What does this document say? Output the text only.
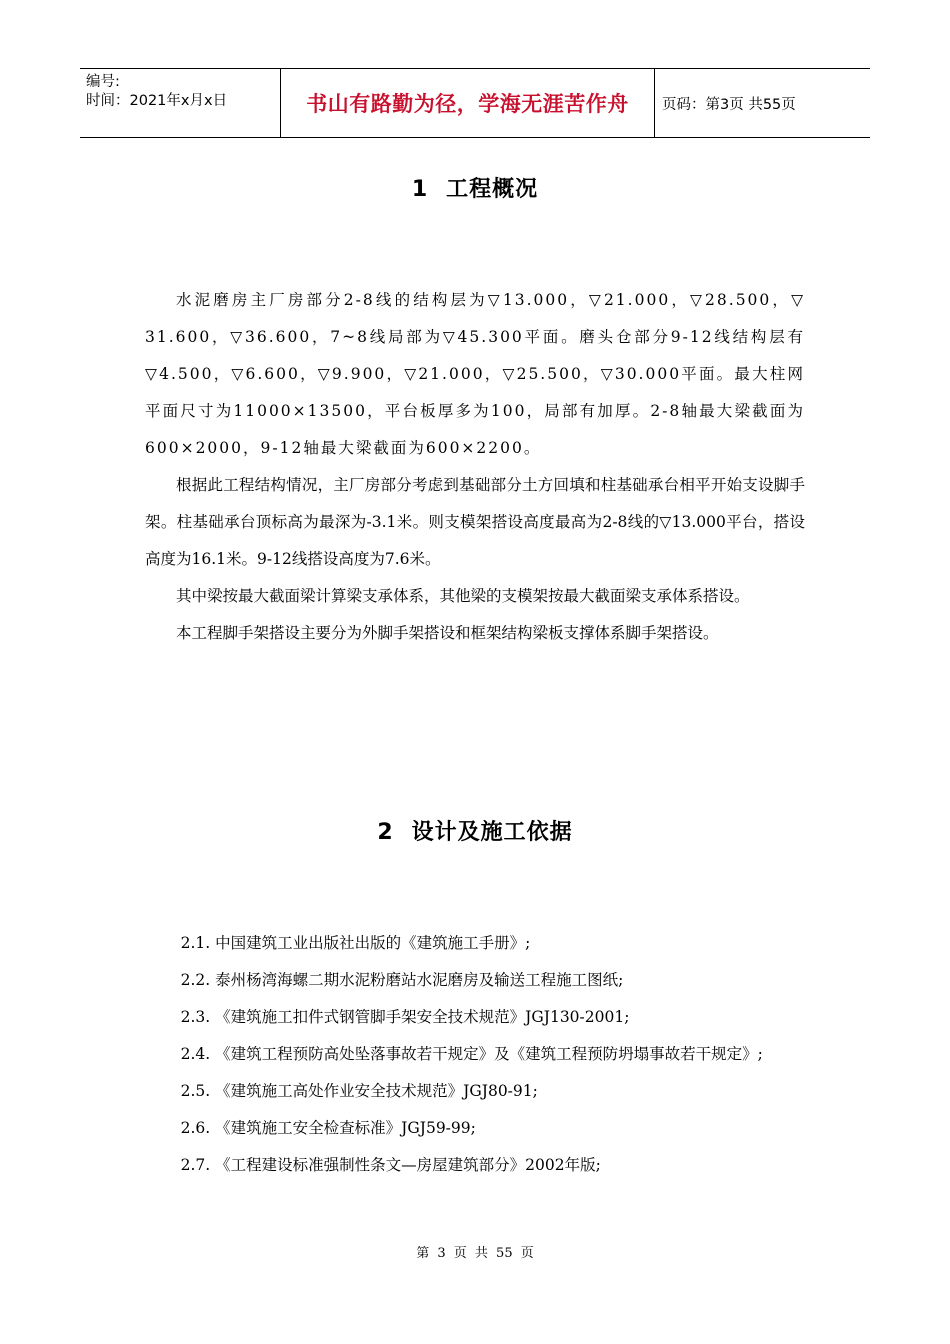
编号:
时间：2021年x月x日	书山有路勤为径，学海无涯苦作舟	页码：第3页 共55页
1 工程概况

水泥磨房主厂房部分2-8线的结构层为▽13.000，▽21.000，▽28.500，▽ 31.600，▽36.600，7~8线局部为▽45.300平面。磨头仓部分9-12线结构层有▽4.500，▽6.600，▽9.900，▽21.000，▽25.500，▽30.000平面。最大柱网平面尺寸为11000×13500，平台板厚多为100，局部有加厚。2-8轴最大梁截面为600×2000，9-12轴最大梁截面为600×2200。

根据此工程结构情况，主厂房部分考虑到基础部分土方回填和柱基础承台相平开始支设脚手架。柱基础承台顶标高为最深为-3.1米。则支模架搭设高度最高为2-8线的▽13.000平台，搭设高度为16.1米。9-12线搭设高度为7.6米。

其中梁按最大截面梁计算梁支承体系，其他梁的支模架按最大截面梁支承体系搭设。

本工程脚手架搭设主要分为外脚手架搭设和框架结构梁板支撑体系脚手架搭设。

2 设计及施工依据

2.1. 中国建筑工业出版社出版的《建筑施工手册》;

2.2. 泰州杨湾海螺二期水泥粉磨站水泥磨房及输送工程施工图纸;

2.3. 《建筑施工扣件式钢管脚手架安全技术规范》JGJ130-2001;

2.4. 《建筑工程预防高处坠落事故若干规定》及《建筑工程预防坍塌事故若干规定》;

2.5. 《建筑施工高处作业安全技术规范》JGJ80-91;

2.6. 《建筑施工安全检查标准》JGJ59-99;

2.7. 《工程建设标准强制性条文—房屋建筑部分》2002年版;

第 3 页 共 55 页
